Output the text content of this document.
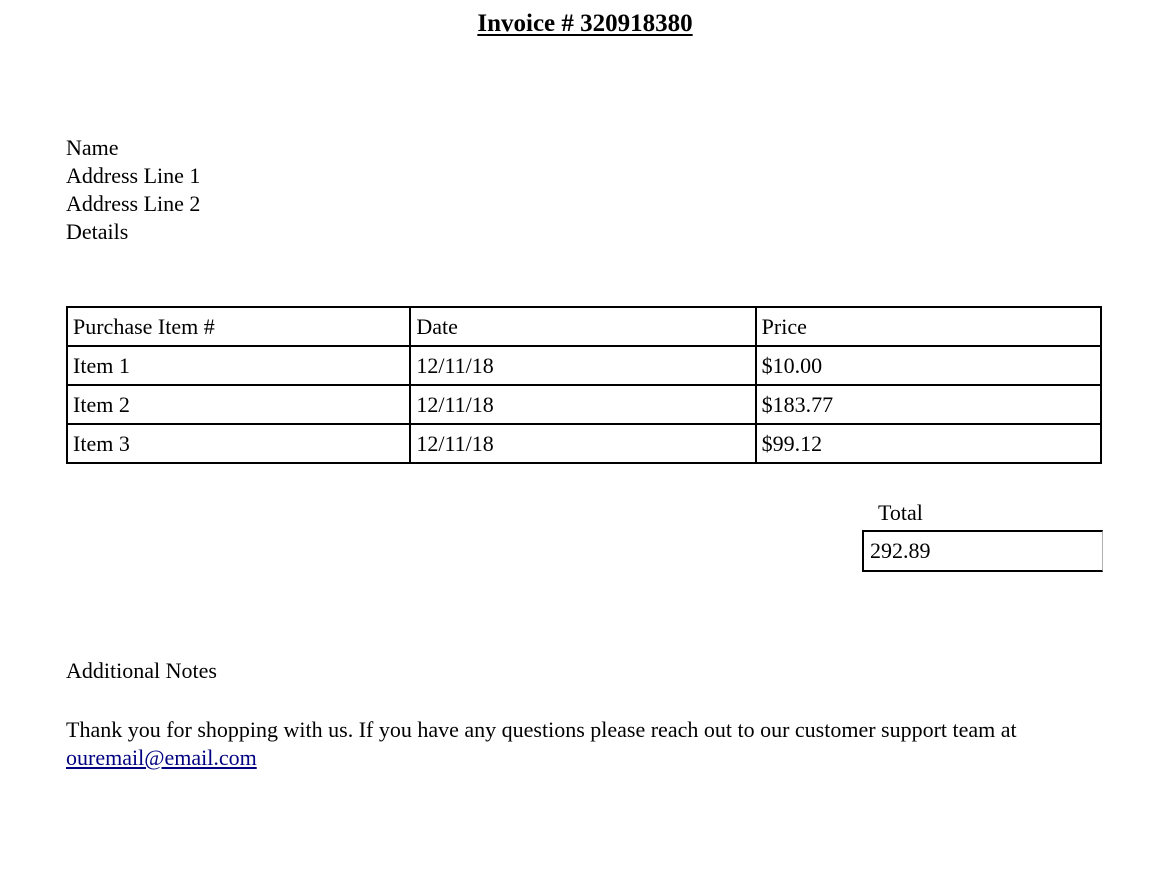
Invoice # 320918380
Name
Address Line 1
Address Line 2
Details
Purchase Item #	Date	Price
Item 1	12/11/18	$10.00
Item 2	12/11/18	$183.77
Item 3	12/11/18	$99.12
Total
292.89
Additional Notes
Thank you for shopping with us. If you have any questions please reach out to our customer support team at ouremail@email.com
